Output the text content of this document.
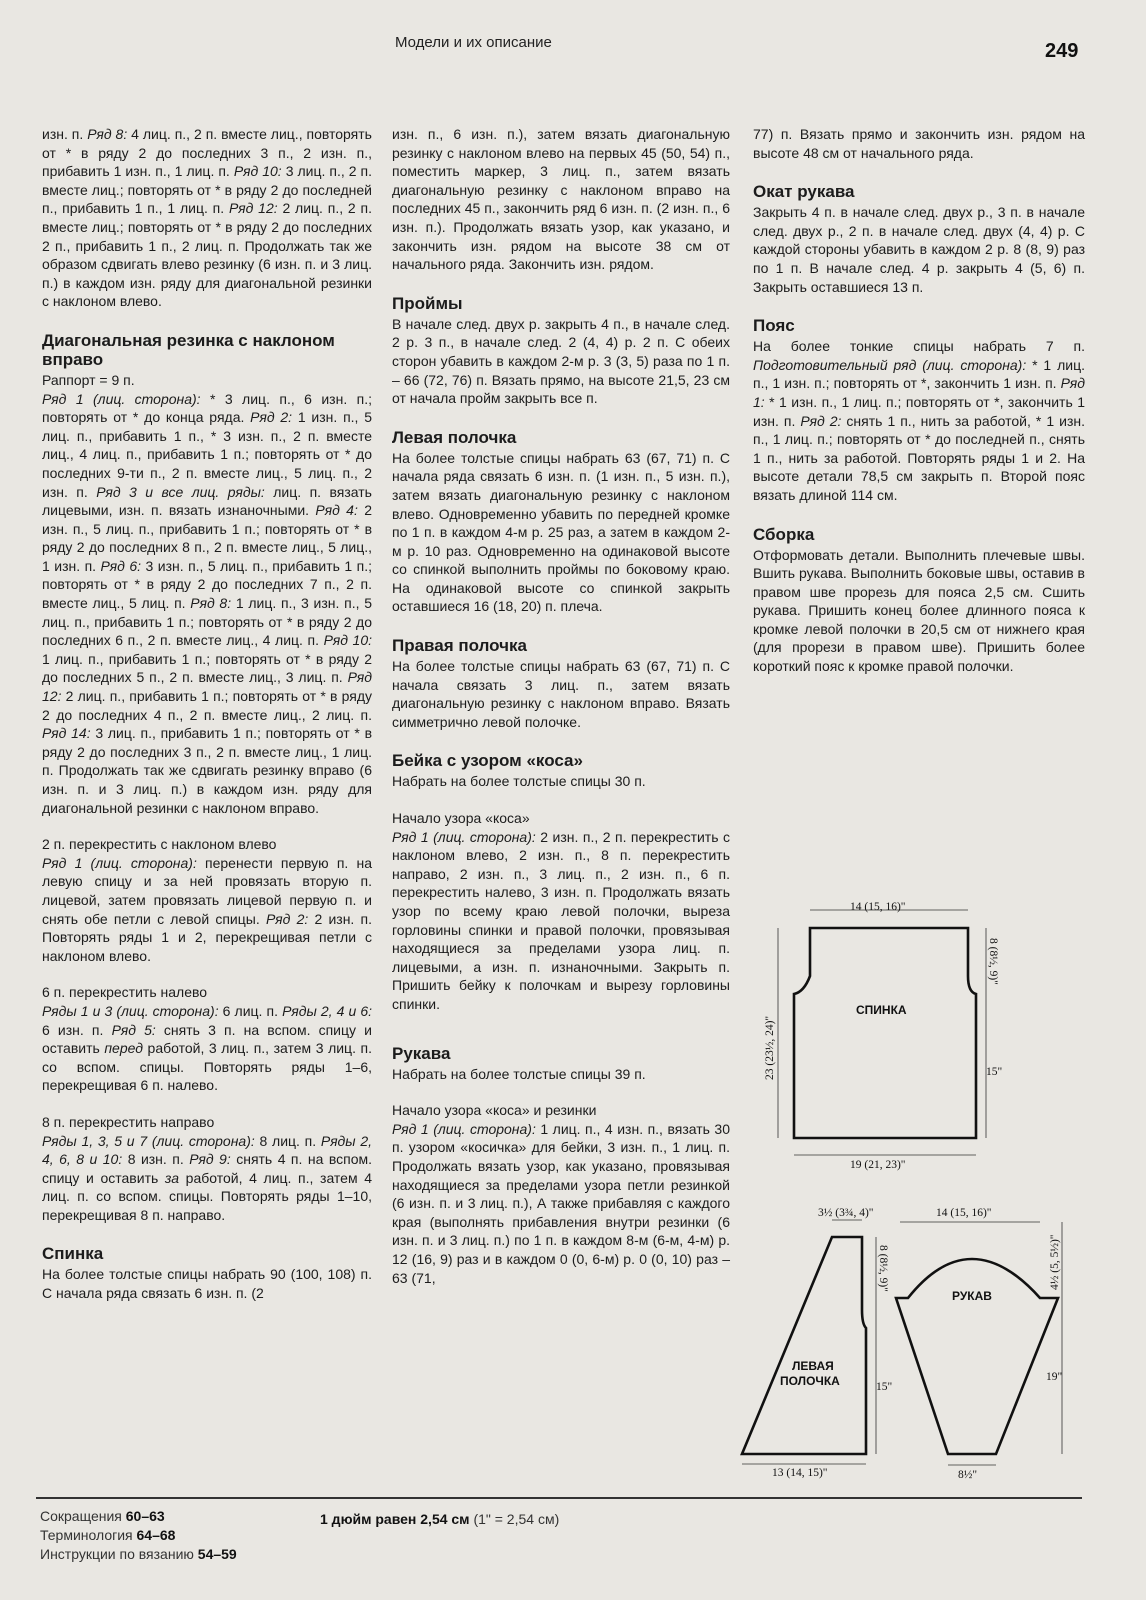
Модели и их описание	249

изн. п. Ряд 8: 4 лиц. п., 2 п. вместе лиц., повторять от * в ряду 2 до последних 3 п., 2 изн. п., прибавить 1 изн. п., 1 лиц. п. Ряд 10: 3 лиц. п., 2 п. вместе лиц.; повторять от * в ряду 2 до последней п., прибавить 1 п., 1 лиц. п. Ряд 12: 2 лиц. п., 2 п. вместе лиц.; повторять от * в ряду 2 до последних 2 п., прибавить 1 п., 2 лиц. п. Продолжать так же образом сдвигать влево резинку (6 изн. п. и 3 лиц. п.) в каждом изн. ряду для диагональной резинки с наклоном влево.

Диагональная резинка с наклоном вправо

Раппорт = 9 п.

Ряд 1 (лиц. сторона): * 3 лиц. п., 6 изн. п.; повторять от * до конца ряда. Ряд 2: 1 изн. п., 5 лиц. п., прибавить 1 п., * 3 изн. п., 2 п. вместе лиц., 4 лиц. п., прибавить 1 п.; повторять от * до последних 9-ти п., 2 п. вместе лиц., 5 лиц. п., 2 изн. п. Ряд 3 и все лиц. ряды: лиц. п. вязать лицевыми, изн. п. вязать изнаночными. Ряд 4: 2 изн. п., 5 лиц. п., прибавить 1 п.; повторять от * в ряду 2 до последних 8 п., 2 п. вместе лиц., 5 лиц., 1 изн. п. Ряд 6: 3 изн. п., 5 лиц. п., прибавить 1 п.; повторять от * в ряду 2 до последних 7 п., 2 п. вместе лиц., 5 лиц. п. Ряд 8: 1 лиц. п., 3 изн. п., 5 лиц. п., прибавить 1 п.; повторять от * в ряду 2 до последних 6 п., 2 п. вместе лиц., 4 лиц. п. Ряд 10: 1 лиц. п., прибавить 1 п.; повторять от * в ряду 2 до последних 5 п., 2 п. вместе лиц., 3 лиц. п. Ряд 12: 2 лиц. п., прибавить 1 п.; повторять от * в ряду 2 до последних 4 п., 2 п. вместе лиц., 2 лиц. п. Ряд 14: 3 лиц. п., прибавить 1 п.; повторять от * в ряду 2 до последних 3 п., 2 п. вместе лиц., 1 лиц. п. Продолжать так же сдвигать резинку вправо (6 изн. п. и 3 лиц. п.) в каждом изн. ряду для диагональной резинки с наклоном вправо.

2 п. перекрестить с наклоном влево
Ряд 1 (лиц. сторона): перенести первую п. на левую спицу и за ней провязать вторую п. лицевой, затем провязать лицевой первую п. и снять обе петли с левой спицы. Ряд 2: 2 изн. п. Повторять ряды 1 и 2, перекрещивая петли с наклоном влево.

6 п. перекрестить налево
Ряды 1 и 3 (лиц. сторона): 6 лиц. п. Ряды 2, 4 и 6: 6 изн. п. Ряд 5: снять 3 п. на вспом. спицу и оставить перед работой, 3 лиц. п., затем 3 лиц. п. со вспом. спицы. Повторять ряды 1–6, перекрещивая 6 п. налево.

8 п. перекрестить направо
Ряды 1, 3, 5 и 7 (лиц. сторона): 8 лиц. п. Ряды 2, 4, 6, 8 и 10: 8 изн. п. Ряд 9: снять 4 п. на вспом. спицу и оставить за работой, 4 лиц. п., затем 4 лиц. п. со вспом. спицы. Повторять ряды 1–10, перекрещивая 8 п. направо.

Спинка

На более толстые спицы набрать 90 (100, 108) п. С начала ряда связать 6 изн. п. (2

изн. п., 6 изн. п.), затем вязать диагональную резинку с наклоном влево на первых 45 (50, 54) п., поместить маркер, 3 лиц. п., затем вязать диагональную резинку с наклоном вправо на последних 45 п., закончить ряд 6 изн. п. (2 изн. п., 6 изн. п.). Продолжать вязать узор, как указано, и закончить изн. рядом на высоте 38 см от начального ряда. Закончить изн. рядом.

Проймы

В начале след. двух р. закрыть 4 п., в начале след. 2 р. 3 п., в начале след. 2 (4, 4) р. 2 п. С обеих сторон убавить в каждом 2-м р. 3 (3, 5) раза по 1 п. – 66 (72, 76) п. Вязать прямо, на высоте 21,5, 23 см от начала пройм закрыть все п.

Левая полочка

На более толстые спицы набрать 63 (67, 71) п. С начала ряда связать 6 изн. п. (1 изн. п., 5 изн. п.), затем вязать диагональную резинку с наклоном влево. Одновременно убавить по передней кромке по 1 п. в каждом 4-м р. 25 раз, а затем в каждом 2-м р. 10 раз. Одновременно на одинаковой высоте со спинкой выполнить проймы по боковому краю. На одинаковой высоте со спинкой закрыть оставшиеся 16 (18, 20) п. плеча.

Правая полочка

На более толстые спицы набрать 63 (67, 71) п. С начала связать 3 лиц. п., затем вязать диагональную резинку с наклоном вправо. Вязать симметрично левой полочке.

Бейка с узором «коса»

Набрать на более толстые спицы 30 п.

Начало узора «коса»
Ряд 1 (лиц. сторона): 2 изн. п., 2 п. перекрестить с наклоном влево, 2 изн. п., 8 п. перекрестить направо, 2 изн. п., 3 лиц. п., 2 изн. п., 6 п. перекрестить налево, 3 изн. п. Продолжать вязать узор по всему краю левой полочки, выреза горловины спинки и правой полочки, провязывая находящиеся за пределами узора лиц. п. лицевыми, а изн. п. изнаночными. Закрыть п. Пришить бейку к полочкам и вырезу горловины спинки.

Рукава

Набрать на более толстые спицы 39 п.

Начало узора «коса» и резинки
Ряд 1 (лиц. сторона): 1 лиц. п., 4 изн. п., вязать 30 п. узором «косичка» для бейки, 3 изн. п., 1 лиц. п. Продолжать вязать узор, как указано, провязывая находящиеся за пределами узора петли резинкой (6 изн. п. и 3 лиц. п.), А также прибавляя с каждого края (выполнять прибавления внутри резинки (6 изн. п. и 3 лиц. п.) по 1 п. в каждом 8-м (6-м, 4-м) р. 12 (16, 9) раз и в каждом 0 (0, 6-м) р. 0 (0, 10) раз – 63 (71,

77) п. Вязать прямо и закончить изн. рядом на высоте 48 см от начального ряда.

Окат рукава

Закрыть 4 п. в начале след. двух р., 3 п. в начале след. двух р., 2 п. в начале след. двух (4, 4) р. С каждой стороны убавить в каждом 2 р. 8 (8, 9) раз по 1 п. В начале след. 4 р. закрыть 4 (5, 6) п. Закрыть оставшиеся 13 п.

Пояс

На более тонкие спицы набрать 7 п. Подготовительный ряд (лиц. сторона): * 1 лиц. п., 1 изн. п.; повторять от *, закончить 1 изн. п. Ряд 1: * 1 изн. п., 1 лиц. п.; повторять от *, закончить 1 изн. п. Ряд 2: снять 1 п., нить за работой, * 1 изн. п., 1 лиц. п.; повторять от * до последней п., снять 1 п., нить за работой. Повторять ряды 1 и 2. На высоте детали 78,5 см закрыть п. Второй пояс вязать длиной 114 см.

Сборка

Отформовать детали. Выполнить плечевые швы. Вшить рукава. Выполнить боковые швы, оставив в правом шве прорезь для пояса 2,5 см. Сшить рукава. Пришить конец более длинного пояса к кромке левой полочки в 20,5 см от нижнего края (для прорези в правом шве). Пришить более короткий пояс к кромке правой полочки.

14 (15, 16)"
8 (8½, 9)"
15"
23 (23½, 24)"
19 (21, 23)"
СПИНКА
3½ (3¾, 4)"
8 (8½, 9)"
15"
13 (14, 15)"
ЛЕВАЯ
ПОЛОЧКА
14 (15, 16)"
4½ (5, 5½)"
19"
8½"
РУКАВ
Сокращения 60–63
Терминология 64–68
Инструкции по вязанию 54–59
1 дюйм равен 2,54 см (1" = 2,54 см)
